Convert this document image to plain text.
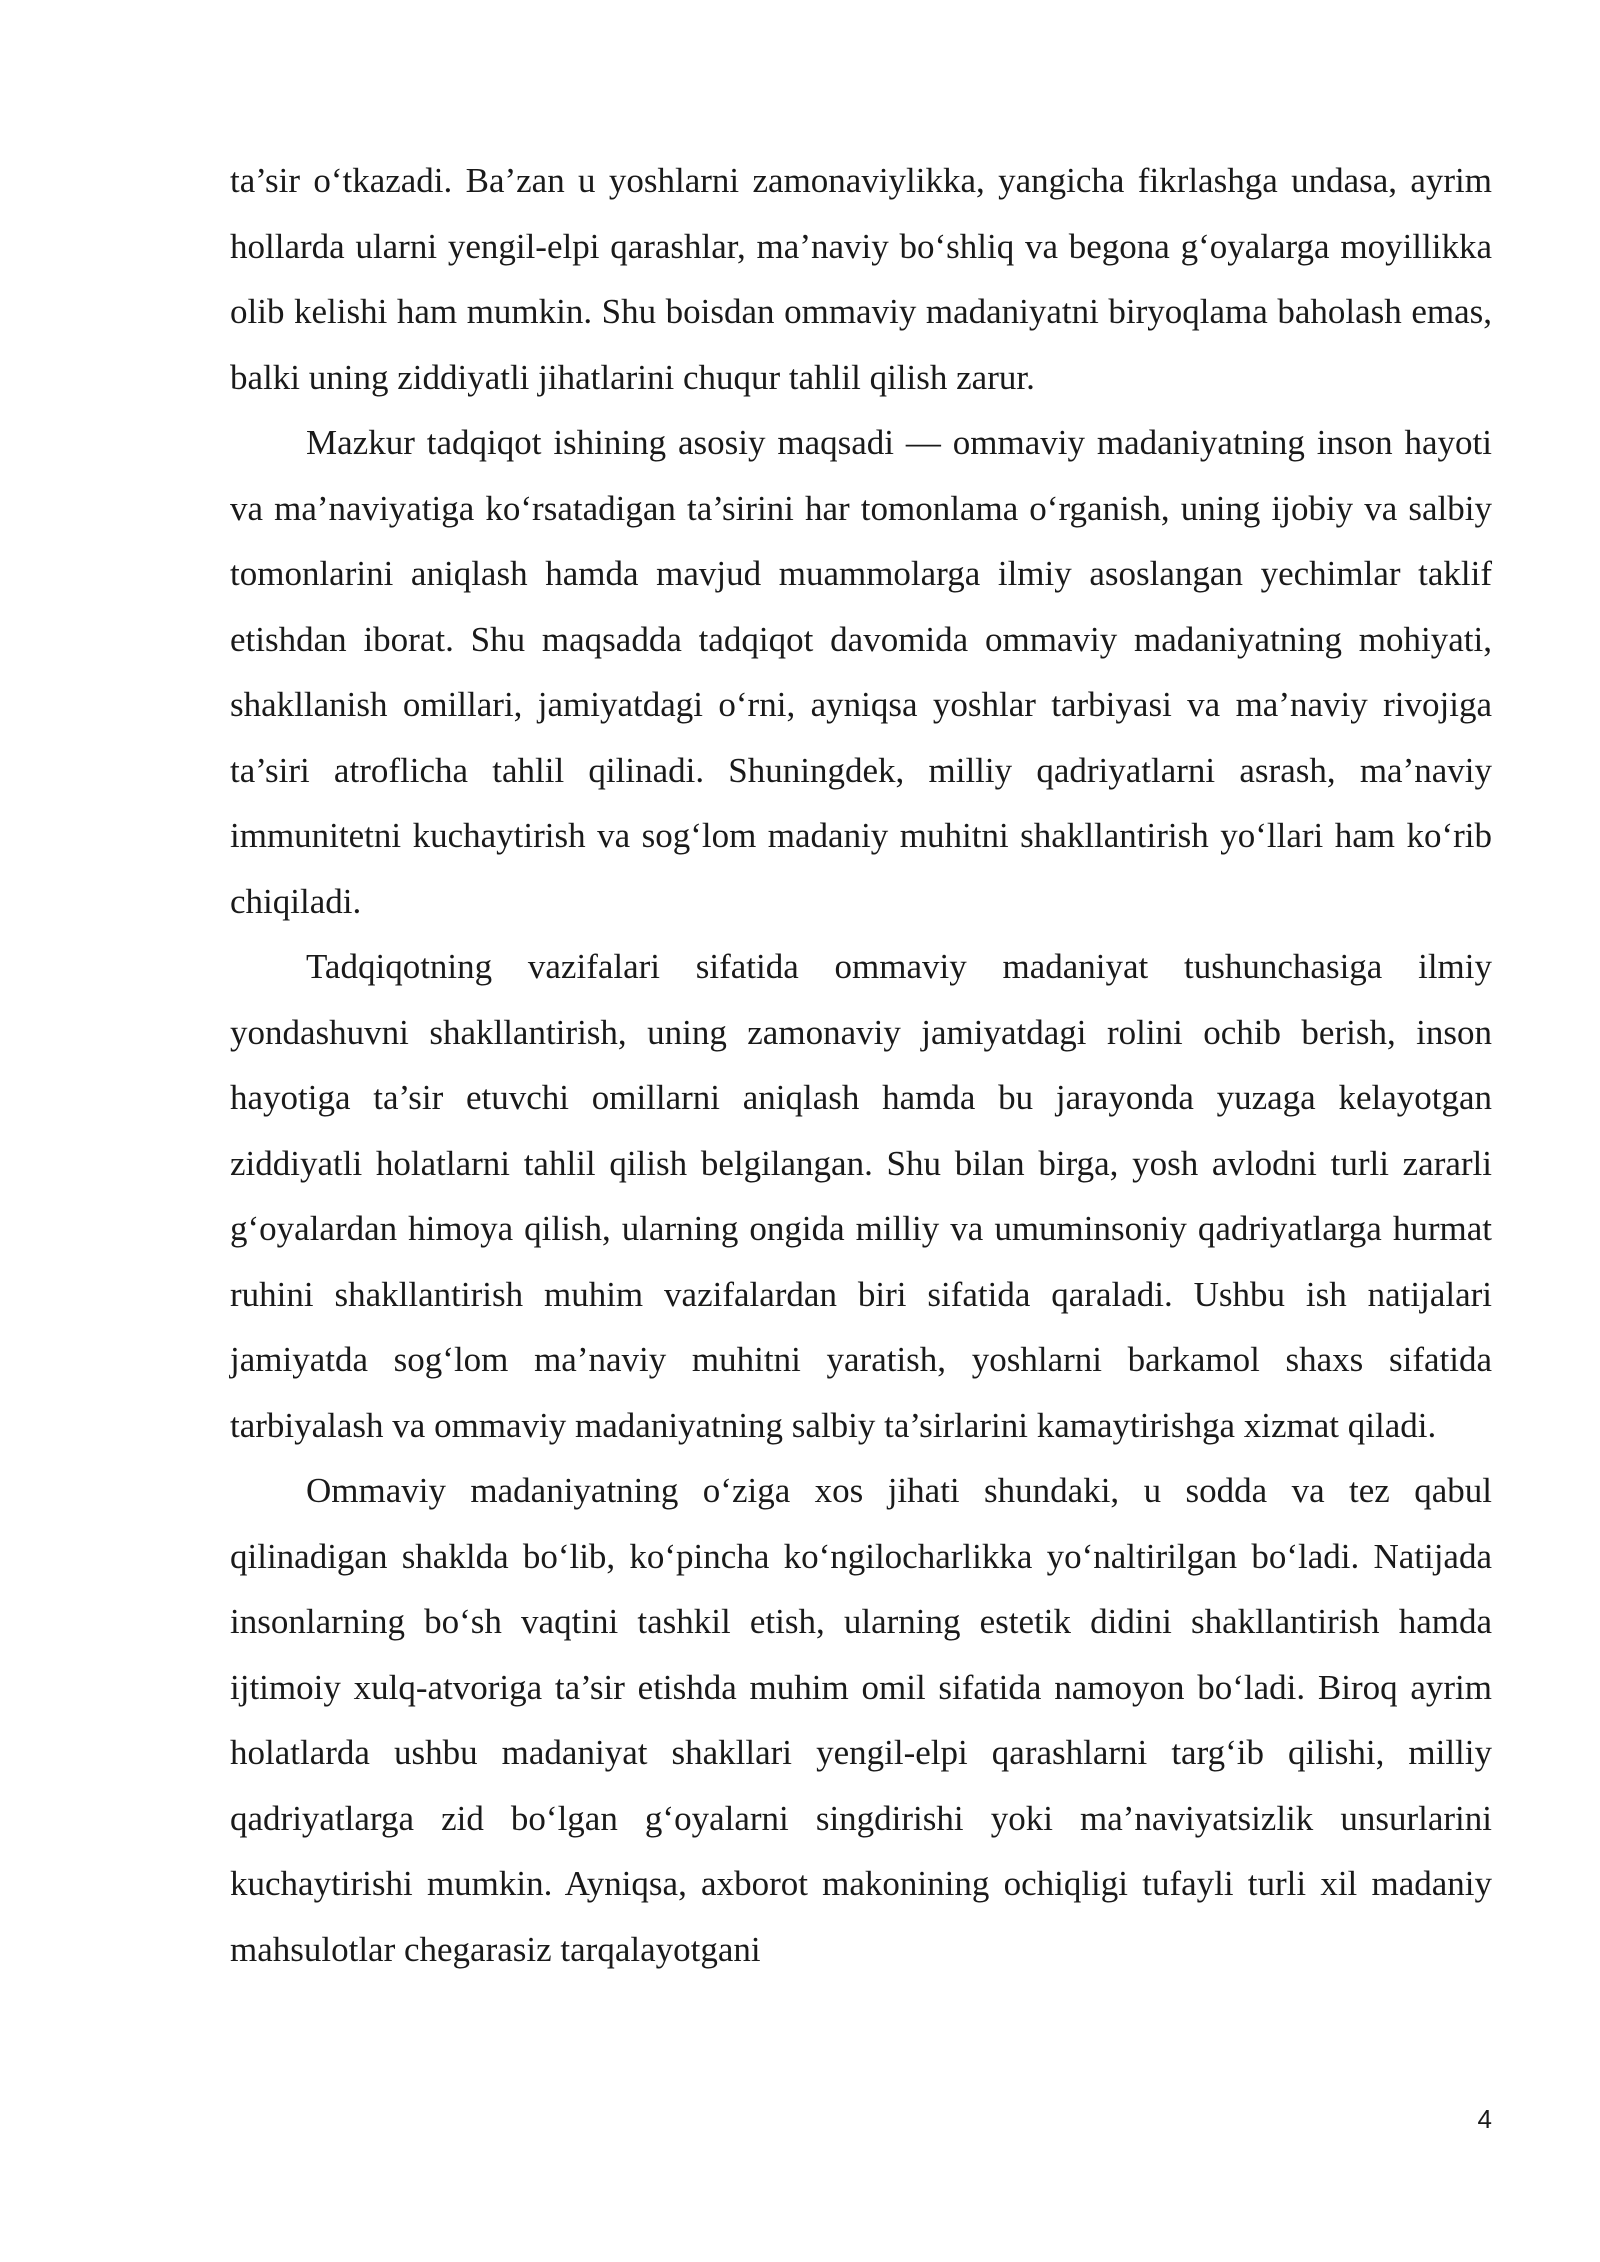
ta’sir o‘tkazadi. Ba’zan u yoshlarni zamonaviylikka, yangicha fikrlashga undasa, ayrim hollarda ularni yengil-elpi qarashlar, ma’naviy bo‘shliq va begona g‘oyalarga moyillikka olib kelishi ham mumkin. Shu boisdan ommaviy madaniyatni biryoqlama baholash emas, balki uning ziddiyatli jihatlarini chuqur tahlil qilish zarur.

Mazkur tadqiqot ishining asosiy maqsadi — ommaviy madaniyatning inson hayoti va ma’naviyatiga ko‘rsatadigan ta’sirini har tomonlama o‘rganish, uning ijobiy va salbiy tomonlarini aniqlash hamda mavjud muammolarga ilmiy asoslangan yechimlar taklif etishdan iborat. Shu maqsadda tadqiqot davomida ommaviy madaniyatning mohiyati, shakllanish omillari, jamiyatdagi o‘rni, ayniqsa yoshlar tarbiyasi va ma’naviy rivojiga ta’siri atroflicha tahlil qilinadi. Shuningdek, milliy qadriyatlarni asrash, ma’naviy immunitetni kuchaytirish va sog‘lom madaniy muhitni shakllantirish yo‘llari ham ko‘rib chiqiladi.

Tadqiqotning vazifalari sifatida ommaviy madaniyat tushunchasiga ilmiy yondashuvni shakllantirish, uning zamonaviy jamiyatdagi rolini ochib berish, inson hayotiga ta’sir etuvchi omillarni aniqlash hamda bu jarayonda yuzaga kelayotgan ziddiyatli holatlarni tahlil qilish belgilangan. Shu bilan birga, yosh avlodni turli zararli g‘oyalardan himoya qilish, ularning ongida milliy va umuminsoniy qadriyatlarga hurmat ruhini shakllantirish muhim vazifalardan biri sifatida qaraladi. Ushbu ish natijalari jamiyatda sog‘lom ma’naviy muhitni yaratish, yoshlarni barkamol shaxs sifatida tarbiyalash va ommaviy madaniyatning salbiy ta’sirlarini kamaytirishga xizmat qiladi.

Ommaviy madaniyatning o‘ziga xos jihati shundaki, u sodda va tez qabul qilinadigan shaklda bo‘lib, ko‘pincha ko‘ngilocharlikka yo‘naltirilgan bo‘ladi. Natijada insonlarning bo‘sh vaqtini tashkil etish, ularning estetik didini shakllantirish hamda ijtimoiy xulq-atvoriga ta’sir etishda muhim omil sifatida namoyon bo‘ladi. Biroq ayrim holatlarda ushbu madaniyat shakllari yengil-elpi qarashlarni targ‘ib qilishi, milliy qadriyatlarga zid bo‘lgan g‘oyalarni singdirishi yoki ma’naviyatsizlik unsurlarini kuchaytirishi mumkin. Ayniqsa, axborot makonining ochiqligi tufayli turli xil madaniy mahsulotlar chegarasiz tarqalayotgani

4
